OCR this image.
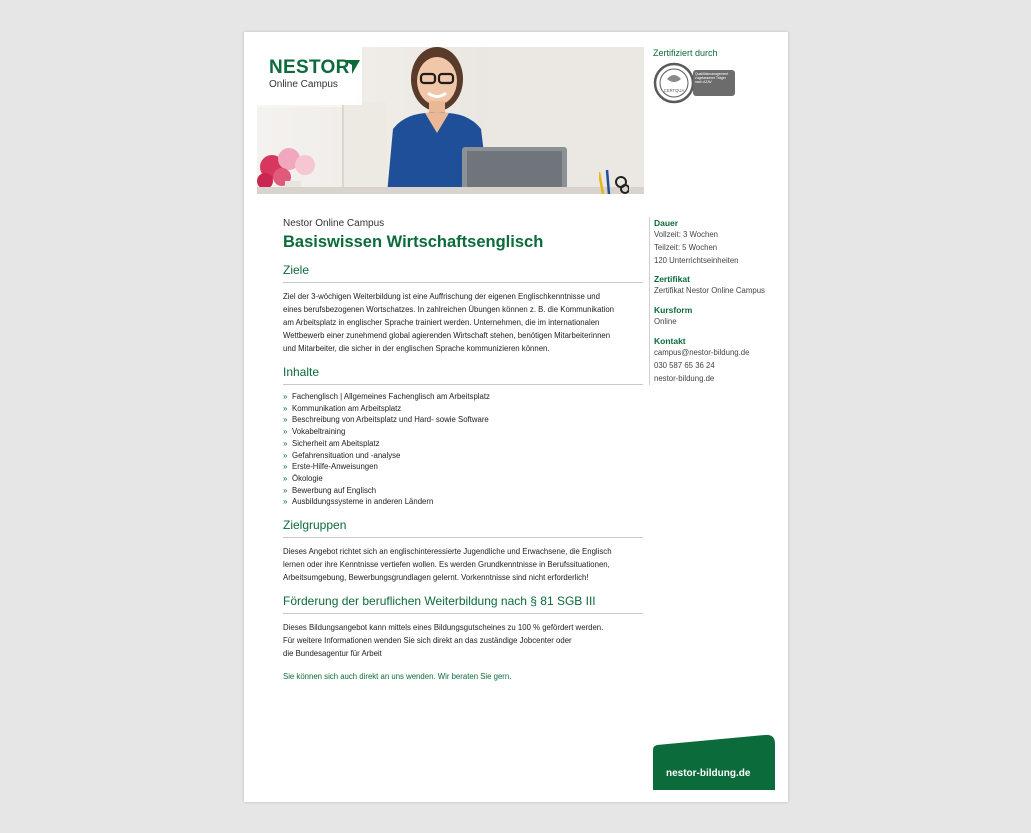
NESTOR
Online Campus
Zertifiziert durch
CERTQUA
Qualitätsmanagement zugelassener Träger nach AZAV
Nestor Online Campus
Basiswissen Wirtschaftsenglisch
Ziele
Ziel der 3-wöchigen Weiterbildung ist eine Auffrischung der eigenen Englischkenntnisse und
eines berufsbezogenen Wortschatzes. In zahlreichen Übungen können z. B. die Kommunikation
am Arbeitsplatz in englischer Sprache trainiert werden. Unternehmen, die im internationalen
Wettbewerb einer zunehmend global agierenden Wirtschaft stehen, benötigen Mitarbeiterinnen
und Mitarbeiter, die sicher in der englischen Sprache kommunizieren können.
Inhalte
» Fachenglisch | Allgemeines Fachenglisch am Arbeitsplatz
» Kommunikation am Arbeitsplatz
» Beschreibung von Arbeitsplatz und Hard- sowie Software
» Vokabeltraining
» Sicherheit am Abeitsplatz
» Gefahrensituation und -analyse
» Erste-Hilfe-Anweisungen
» Ökologie
» Bewerbung auf Englisch
» Ausbildungssysteme in anderen Ländern
Zielgruppen
Dieses Angebot richtet sich an englischinteressierte Jugendliche und Erwachsene, die Englisch
lernen oder ihre Kenntnisse vertiefen wollen. Es werden Grundkenntnisse in Berufssituationen,
Arbeitsumgebung, Bewerbungsgrundlagen gelernt. Vorkenntnisse sind nicht erforderlich!
Förderung der beruflichen Weiterbildung nach § 81 SGB III
Dieses Bildungsangebot kann mittels eines Bildungsgutscheines zu 100 % gefördert werden.
Für weitere Informationen wenden Sie sich direkt an das zuständige Jobcenter oder
die Bundesagentur für Arbeit
Sie können sich auch direkt an uns wenden. Wir beraten Sie gern.
Dauer

Vollzeit: 3 Wochen

Teilzeit: 5 Wochen

120 Unterrichtseinheiten

Zertifikat

Zertifikat Nestor Online Campus

Kursform

Online

Kontakt

campus@nestor-bildung.de

030 587 65 36 24

nestor-bildung.de

nestor-bildung.de
